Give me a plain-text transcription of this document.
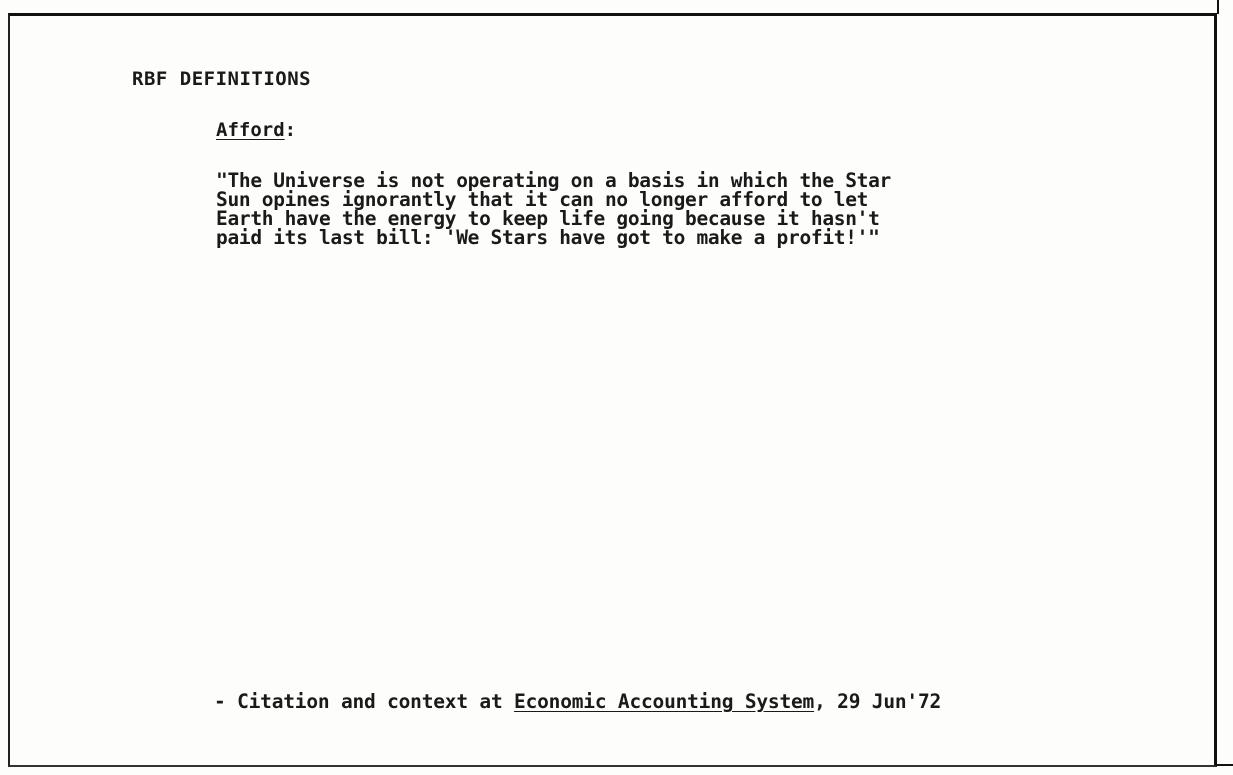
RBF DEFINITIONS
Afford:
"The Universe is not operating on a basis in which the Star
Sun opines ignorantly that it can no longer afford to let
Earth have the energy to keep life going because it hasn't
paid its last bill: 'We Stars have got to make a profit!'"
- Citation and context at Economic Accounting System, 29 Jun'72
